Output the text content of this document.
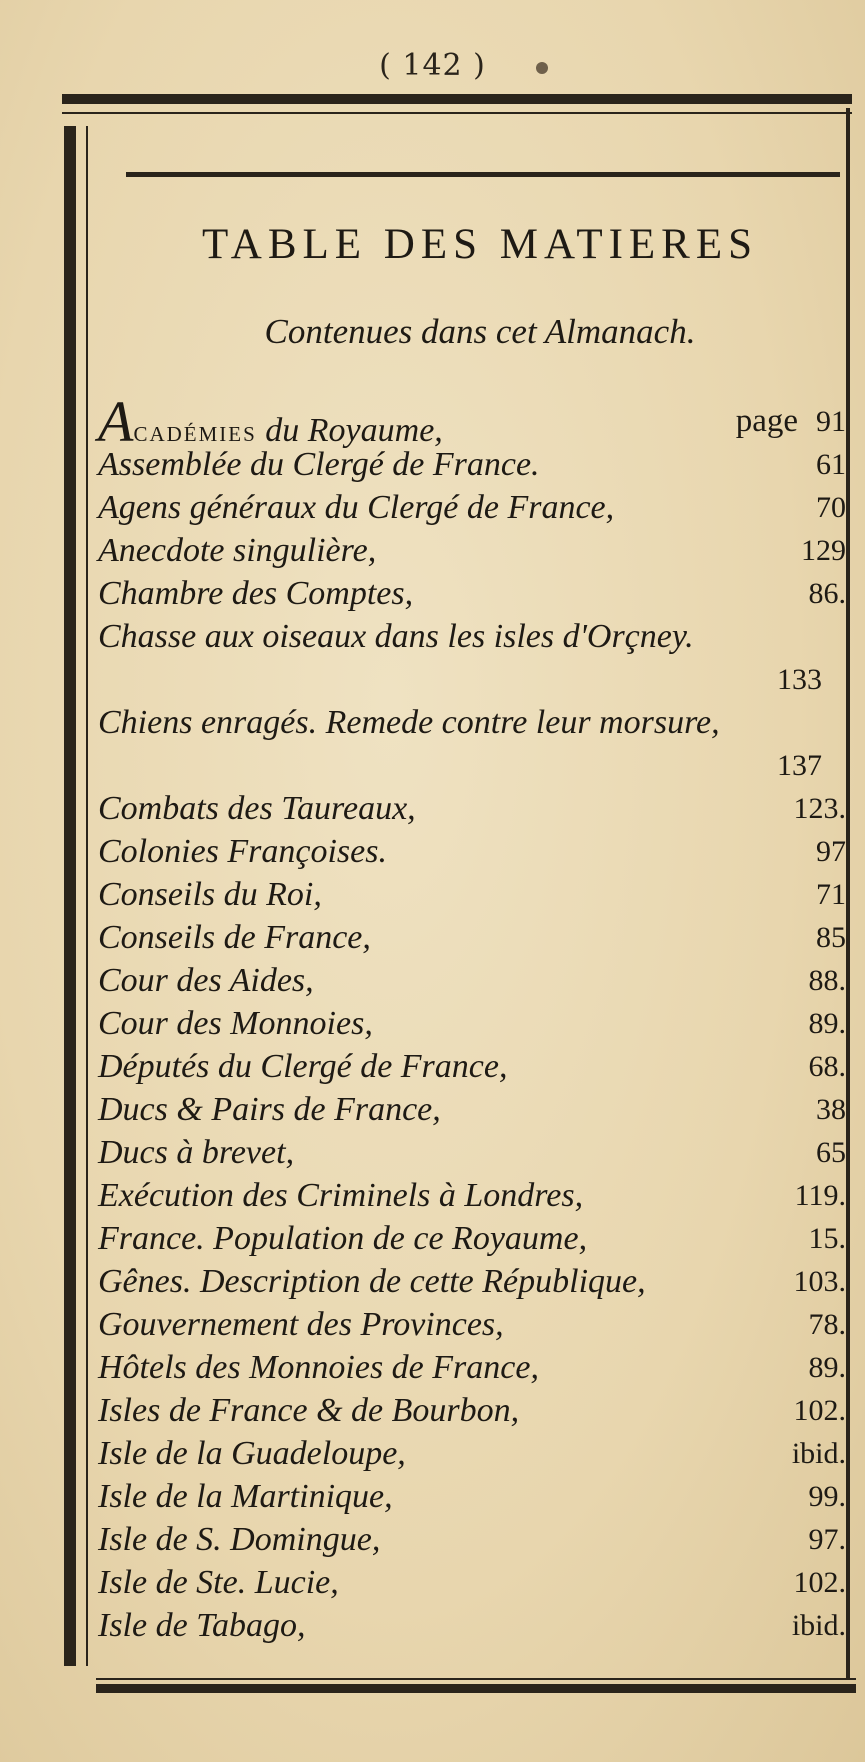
( 142 )
TABLE DES MATIERES
Contenues dans cet Almanach.
Académies du Royaume,	page 91
Assemblée du Clergé de France.	61
Agens généraux du Clergé de France,	70
Anecdote singulière,	129
Chambre des Comptes,	86.
Chasse aux oiseaux dans les isles d'Orçney.
133
Chiens enragés. Remede contre leur morsure,
137
Combats des Taureaux,	123.
Colonies Françoises.	97
Conseils du Roi,	71
Conseils de France,	85
Cour des Aides,	88.
Cour des Monnoies,	89.
Députés du Clergé de France,	68.
Ducs & Pairs de France,	38
Ducs à brevet,	65
Exécution des Criminels à Londres,	119.
France. Population de ce Royaume,	15.
Gênes. Description de cette République,	103.
Gouvernement des Provinces,	78.
Hôtels des Monnoies de France,	89.
Isles de France & de Bourbon,	102.
Isle de la Guadeloupe,	ibid.
Isle de la Martinique,	99.
Isle de S. Domingue,	97.
Isle de Ste. Lucie,	102.
Isle de Tabago,	ibid.
